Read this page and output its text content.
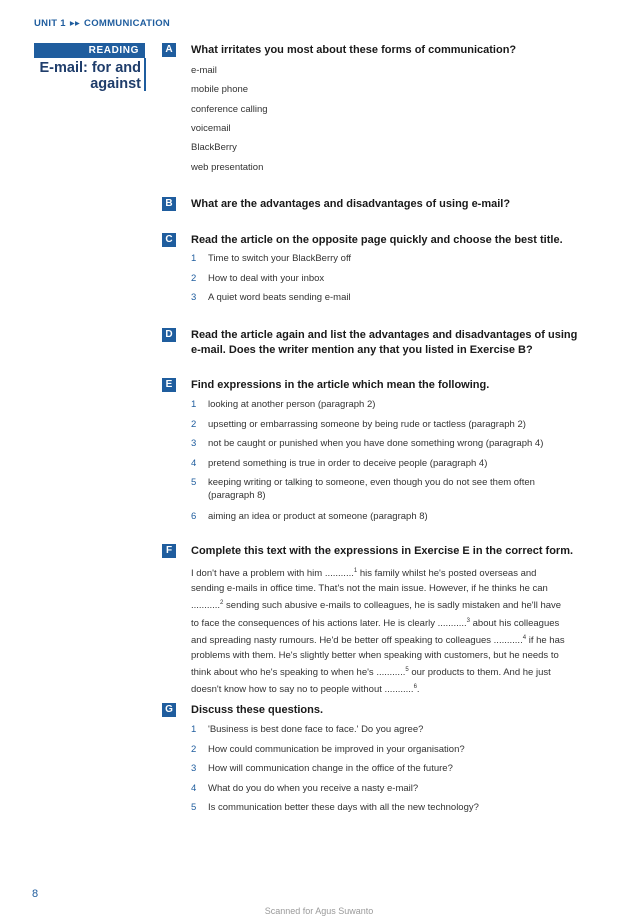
UNIT 1 ▸▸ COMMUNICATION
READING
E-mail: for and
against
A	What irritates you most about these forms of communication?
e-mail
mobile phone
conference calling
voicemail
BlackBerry
web presentation
B	What are the advantages and disadvantages of using e-mail?
C	Read the article on the opposite page quickly and choose the best title.
1 Time to switch your BlackBerry off
2 How to deal with your inbox
3 A quiet word beats sending e-mail
D	Read the article again and list the advantages and disadvantages of using
e-mail. Does the writer mention any that you listed in Exercise B?
E	Find expressions in the article which mean the following.
1 looking at another person (paragraph 2)
2 upsetting or embarrassing someone by being rude or tactless (paragraph 2)
3 not be caught or punished when you have done something wrong (paragraph 4)
4 pretend something is true in order to deceive people (paragraph 4)
5 keeping writing or talking to someone, even though you do not see them often
(paragraph 8)
6 aiming an idea or product at someone (paragraph 8)
F	Complete this text with the expressions in Exercise E in the correct form.
I don't have a problem with him ...........$^1$ his family whilst he's posted overseas and
sending e-mails in office time. That's not the main issue. However, if he thinks he can
...........$^2$ sending such abusive e-mails to colleagues, he is sadly mistaken and he'll have
to face the consequences of his actions later. He is clearly ...........$^3$ about his colleagues
and spreading nasty rumours. He'd be better off speaking to colleagues ...........$^4$ if he has
problems with them. He's slightly better when speaking with customers, but he needs to
think about who he's speaking to when he's ...........$^5$ our products to them. And he just
doesn't know how to say no to people without ...........$^6$.
G Discuss these questions.
1 'Business is best done face to face.' Do you agree?
2 How could communication be improved in your organisation?
3 How will communication change in the office of the future?
4 What do you do when you receive a nasty e-mail?
5 Is communication better these days with all the new technology?
8
Scanned for Agus Suwanto
